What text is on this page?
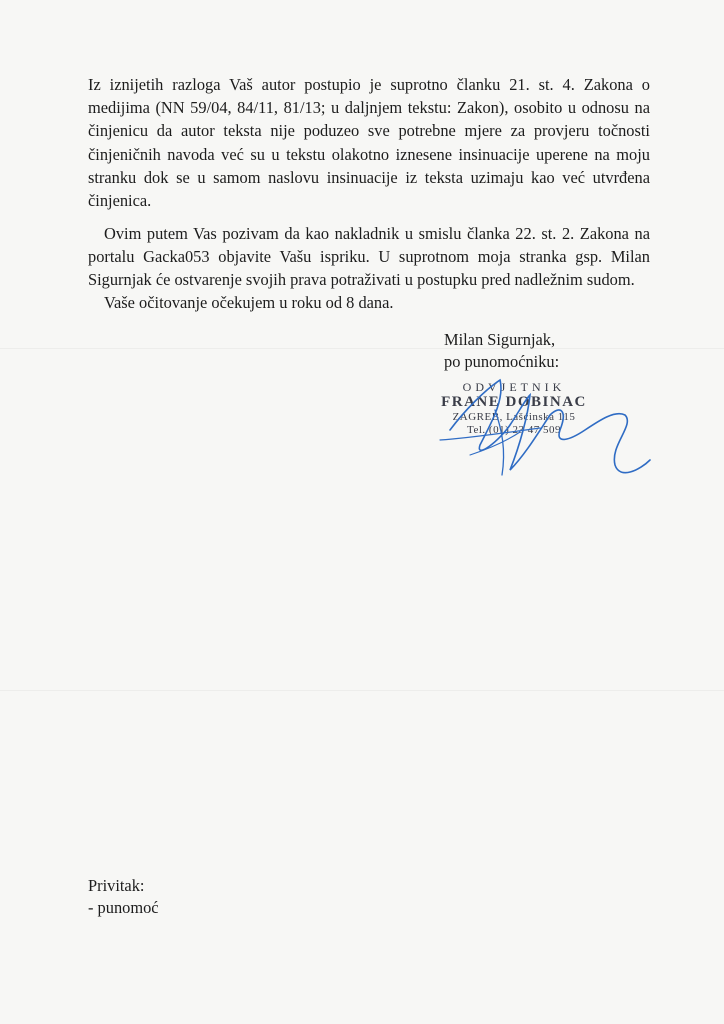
Iz iznijetih razloga Vaš autor postupio je suprotno članku 21. st. 4. Zakona o
medijima (NN 59/04, 84/11, 81/13; u daljnjem tekstu: Zakon), osobito u odnosu na
činjenicu da autor teksta nije poduzeo sve potrebne mjere za provjeru točnosti
činjeničnih navoda već su u tekstu olakotno iznesene insinuacije uperene na moju
stranku dok se u samom naslovu insinuacije iz teksta uzimaju kao već utvrđena
činjenica.
Ovim putem Vas pozivam da kao nakladnik u smislu članka 22. st. 2. Zakona na
portalu Gacka053 objavite Vašu ispriku. U suprotnom moja stranka gsp. Milan
Sigurnjak će ostvarenje svojih prava potraživati u postupku pred nadležnim sudom.
Vaše očitovanje očekujem u roku od 8 dana.
Milan Sigurnjak,
po punomoćniku:
ODVJETNIK
FRANE DOBINAC
ZAGREB, Lašćinska 115
Tel. (01) 23 47 509
Privitak:
- punomoć
